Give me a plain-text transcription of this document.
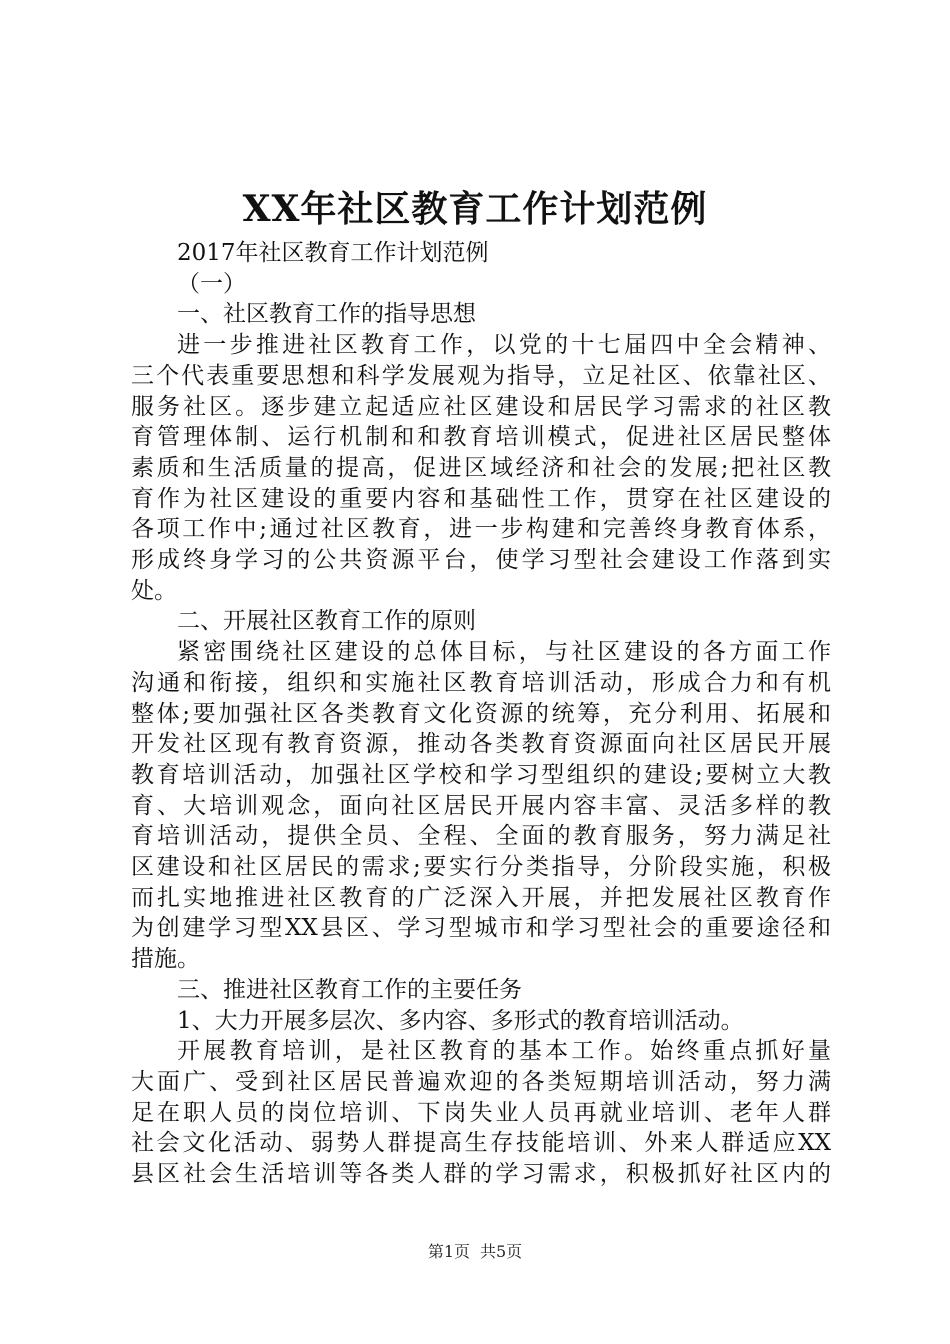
XX年社区教育工作计划范例
2017年社区教育工作计划范例
（一）
一、社区教育工作的指导思想
进一步推进社区教育工作，以党的十七届四中全会精神、
三个代表重要思想和科学发展观为指导，立足社区、依靠社区、
服务社区。逐步建立起适应社区建设和居民学习需求的社区教
育管理体制、运行机制和和教育培训模式，促进社区居民整体
素质和生活质量的提高，促进区域经济和社会的发展;把社区教
育作为社区建设的重要内容和基础性工作，贯穿在社区建设的
各项工作中;通过社区教育，进一步构建和完善终身教育体系，
形成终身学习的公共资源平台，使学习型社会建设工作落到实
处。
二、开展社区教育工作的原则
紧密围绕社区建设的总体目标，与社区建设的各方面工作
沟通和衔接，组织和实施社区教育培训活动，形成合力和有机
整体;要加强社区各类教育文化资源的统筹，充分利用、拓展和
开发社区现有教育资源，推动各类教育资源面向社区居民开展
教育培训活动，加强社区学校和学习型组织的建设;要树立大教
育、大培训观念，面向社区居民开展内容丰富、灵活多样的教
育培训活动，提供全员、全程、全面的教育服务，努力满足社
区建设和社区居民的需求;要实行分类指导，分阶段实施，积极
而扎实地推进社区教育的广泛深入开展，并把发展社区教育作
为创建学习型XX县区、学习型城市和学习型社会的重要途径和
措施。
三、推进社区教育工作的主要任务
1、大力开展多层次、多内容、多形式的教育培训活动。
开展教育培训，是社区教育的基本工作。始终重点抓好量
大面广、受到社区居民普遍欢迎的各类短期培训活动，努力满
足在职人员的岗位培训、下岗失业人员再就业培训、老年人群
社会文化活动、弱势人群提高生存技能培训、外来人群适应XX
县区社会生活培训等各类人群的学习需求，积极抓好社区内的
第1页 共5页
